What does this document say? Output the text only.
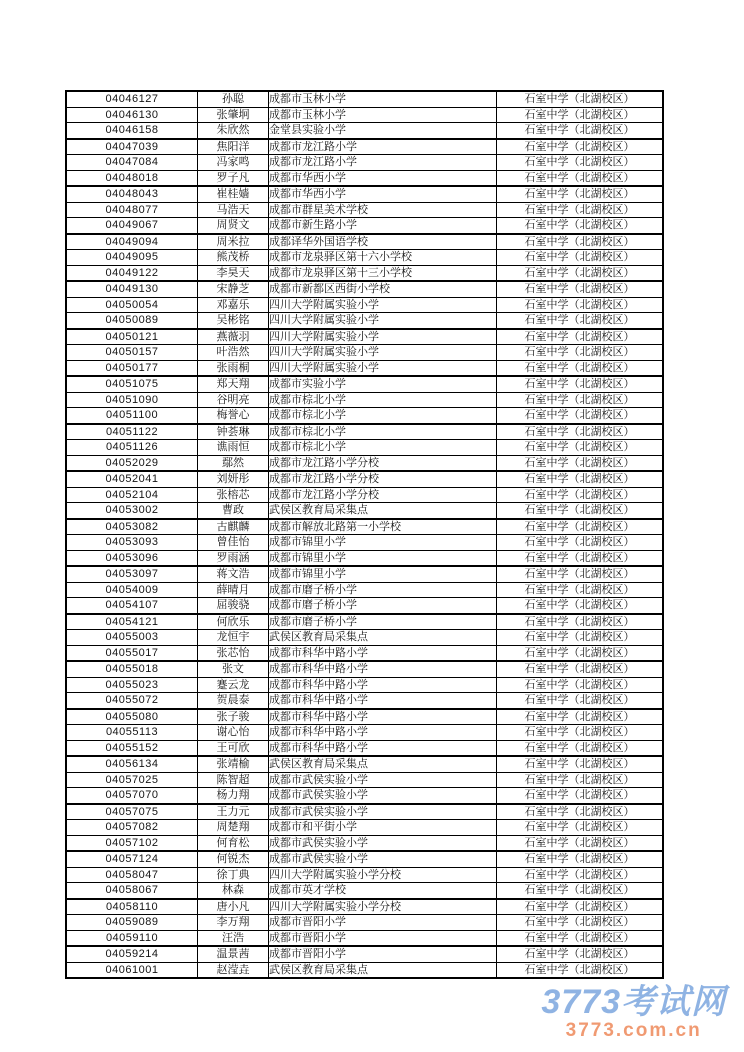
04046127	孙聪	成都市玉林小学	石室中学（北湖校区）
04046130	张肇坰	成都市玉林小学	石室中学（北湖校区）
04046158	朱欣然	金堂县实验小学	石室中学（北湖校区）
04047039	焦阳洋	成都市龙江路小学	石室中学（北湖校区）
04047084	冯家鸣	成都市龙江路小学	石室中学（北湖校区）
04048018	罗子凡	成都市华西小学	石室中学（北湖校区）
04048043	崔桂嫱	成都市华西小学	石室中学（北湖校区）
04048077	马浩天	成都市群星美术学校	石室中学（北湖校区）
04049067	周贤文	成都市新生路小学	石室中学（北湖校区）
04049094	周米拉	成都译华外国语学校	石室中学（北湖校区）
04049095	熊茂桥	成都市龙泉驿区第十六小学校	石室中学（北湖校区）
04049122	李昊天	成都市龙泉驿区第十三小学校	石室中学（北湖校区）
04049130	宋静芝	成都市新都区西街小学校	石室中学（北湖校区）
04050054	邓嘉乐	四川大学附属实验小学	石室中学（北湖校区）
04050089	吴彬铭	四川大学附属实验小学	石室中学（北湖校区）
04050121	燕薇羽	四川大学附属实验小学	石室中学（北湖校区）
04050157	叶浩然	四川大学附属实验小学	石室中学（北湖校区）
04050177	张雨桐	四川大学附属实验小学	石室中学（北湖校区）
04051075	郑天翔	成都市实验小学	石室中学（北湖校区）
04051090	谷明亮	成都市棕北小学	石室中学（北湖校区）
04051100	梅誉心	成都市棕北小学	石室中学（北湖校区）
04051122	钟荟琳	成都市棕北小学	石室中学（北湖校区）
04051126	谯雨恒	成都市棕北小学	石室中学（北湖校区）
04052029	鄢然	成都市龙江路小学分校	石室中学（北湖校区）
04052041	刘妍彤	成都市龙江路小学分校	石室中学（北湖校区）
04052104	张榕芯	成都市龙江路小学分校	石室中学（北湖校区）
04053002	曹政	武侯区教育局采集点	石室中学（北湖校区）
04053082	古麒麟	成都市解放北路第一小学校	石室中学（北湖校区）
04053093	曾佳怡	成都市锦里小学	石室中学（北湖校区）
04053096	罗雨涵	成都市锦里小学	石室中学（北湖校区）
04053097	蒋文浩	成都市锦里小学	石室中学（北湖校区）
04054009	薛晴月	成都市磨子桥小学	石室中学（北湖校区）
04054107	屈骏骁	成都市磨子桥小学	石室中学（北湖校区）
04054121	何欣乐	成都市磨子桥小学	石室中学（北湖校区）
04055003	龙恒宇	武侯区教育局采集点	石室中学（北湖校区）
04055017	张芯怡	成都市科华中路小学	石室中学（北湖校区）
04055018	张文	成都市科华中路小学	石室中学（北湖校区）
04055023	蹇云龙	成都市科华中路小学	石室中学（北湖校区）
04055072	贺晨泰	成都市科华中路小学	石室中学（北湖校区）
04055080	张子骏	成都市科华中路小学	石室中学（北湖校区）
04055113	谢心怡	成都市科华中路小学	石室中学（北湖校区）
04055152	王可欣	成都市科华中路小学	石室中学（北湖校区）
04056134	张靖榆	武侯区教育局采集点	石室中学（北湖校区）
04057025	陈智超	成都市武侯实验小学	石室中学（北湖校区）
04057070	杨力翔	成都市武侯实验小学	石室中学（北湖校区）
04057075	王力元	成都市武侯实验小学	石室中学（北湖校区）
04057082	周楚翔	成都市和平街小学	石室中学（北湖校区）
04057102	何育松	成都市武侯实验小学	石室中学（北湖校区）
04057124	何锐杰	成都市武侯实验小学	石室中学（北湖校区）
04058047	徐丁典	四川大学附属实验小学分校	石室中学（北湖校区）
04058067	林森	成都市英才学校	石室中学（北湖校区）
04058110	唐小凡	四川大学附属实验小学分校	石室中学（北湖校区）
04059089	李万翔	成都市晋阳小学	石室中学（北湖校区）
04059110	汪浩	成都市晋阳小学	石室中学（北湖校区）
04059214	温景茜	成都市晋阳小学	石室中学（北湖校区）
04061001	赵滢垚	武侯区教育局采集点	石室中学（北湖校区）
3773考试网
3773.com.cn
